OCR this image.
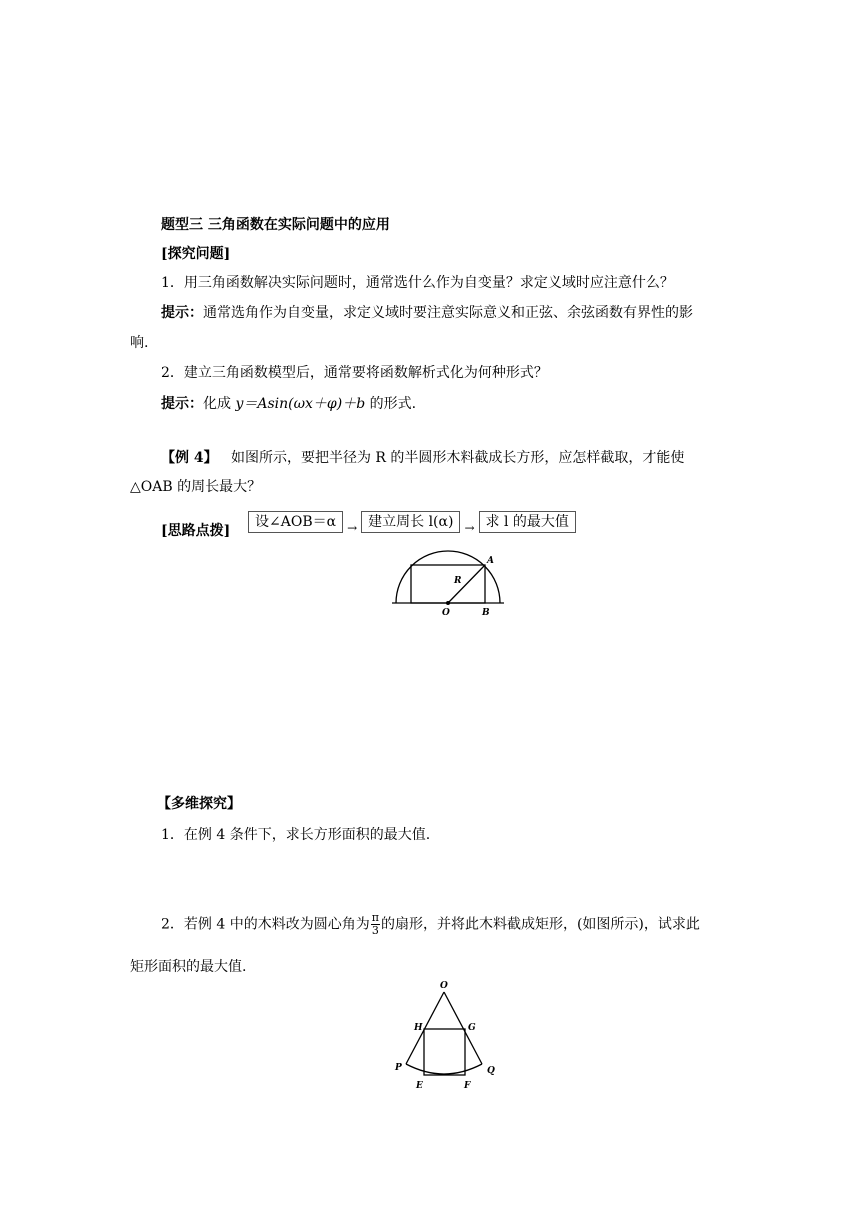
题型三 三角函数在实际问题中的应用
[探究问题]
1．用三角函数解决实际问题时，通常选什么作为自变量？求定义域时应注意什么？
提示：通常选角作为自变量，求定义域时要注意实际意义和正弦、余弦函数有界性的影
响.
2．建立三角函数模型后，通常要将函数解析式化为何种形式？
提示：化成 y＝Asin(ωx＋φ)＋b 的形式.
【例 4】 如图所示，要把半径为 R 的半圆形木料截成长方形，应怎样截取，才能使
△OAB 的周长最大？
[思路点拨]
设∠AOB＝α → 建立周长 l(α) → 求 l 的最大值
A
R
O	B
【多维探究】
1．在例 4 条件下，求长方形面积的最大值.
2．若例 4 中的木料改为圆心角为 $\frac{\pi}{3}$ 的扇形，并将此木料截成矩形，(如图所示)，试求此
矩形面积的最大值.
O
H	G
P	Q
E	F
